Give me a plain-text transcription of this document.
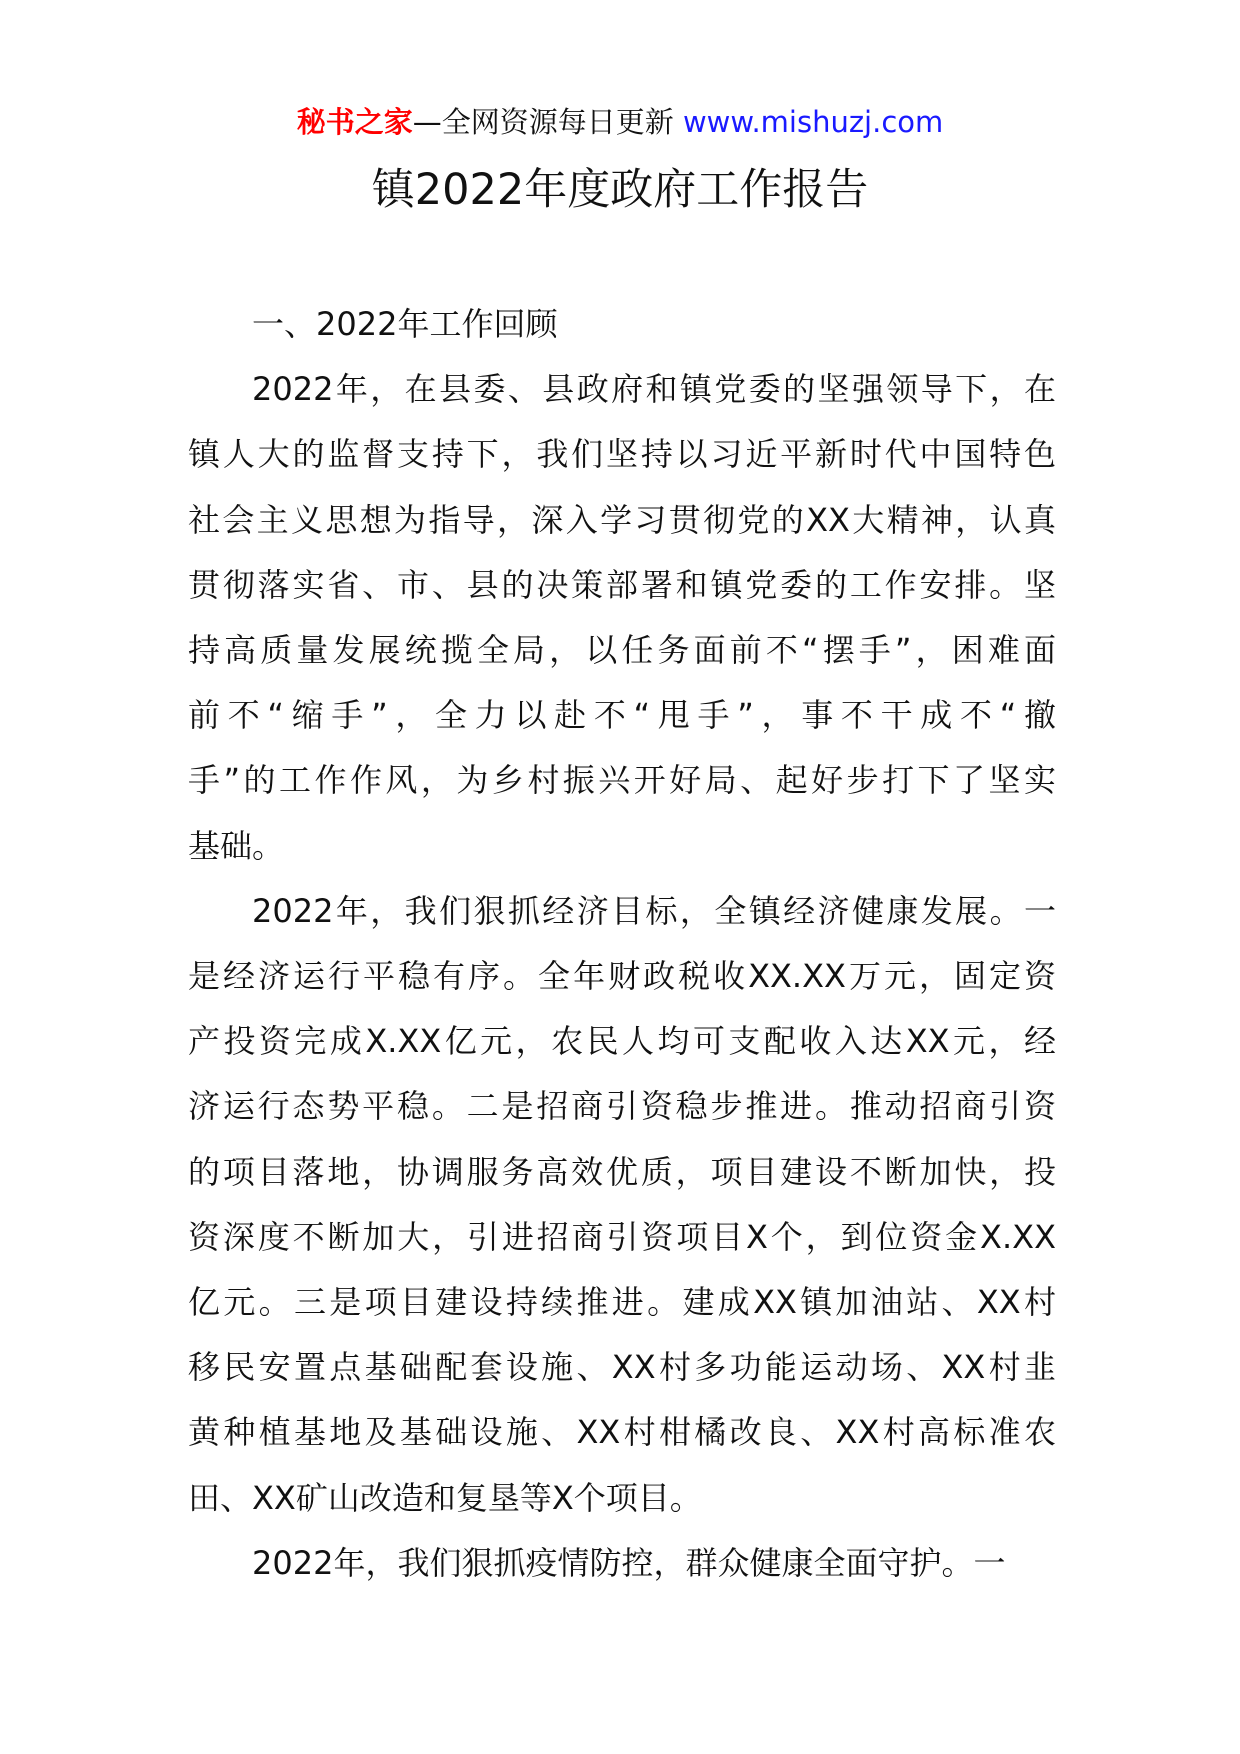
秘书之家—全网资源每日更新 www.mishuzj.com
镇2022年度政府工作报告

一、2022年工作回顾

2022年，在县委、县政府和镇党委的坚强领导下，在
镇人大的监督支持下，我们坚持以习近平新时代中国特色
社会主义思想为指导，深入学习贯彻党的XX大精神，认真
贯彻落实省、市、县的决策部署和镇党委的工作安排。坚
持高质量发展统揽全局，以任务面前不“摆手”，困难面
前不“缩手”，全力以赴不“甩手”，事不干成不“撤
手”的工作作风，为乡村振兴开好局、起好步打下了坚实
基础。
2022年，我们狠抓经济目标，全镇经济健康发展。一
是经济运行平稳有序。全年财政税收XX.XX万元，固定资
产投资完成X.XX亿元，农民人均可支配收入达XX元，经
济运行态势平稳。二是招商引资稳步推进。推动招商引资
的项目落地，协调服务高效优质，项目建设不断加快，投
资深度不断加大，引进招商引资项目X个，到位资金X.XX
亿元。三是项目建设持续推进。建成XX镇加油站、XX村
移民安置点基础配套设施、XX村多功能运动场、XX村韭
黄种植基地及基础设施、XX村柑橘改良、XX村高标准农
田、XX矿山改造和复垦等X个项目。
2022年，我们狠抓疫情防控，群众健康全面守护。一
